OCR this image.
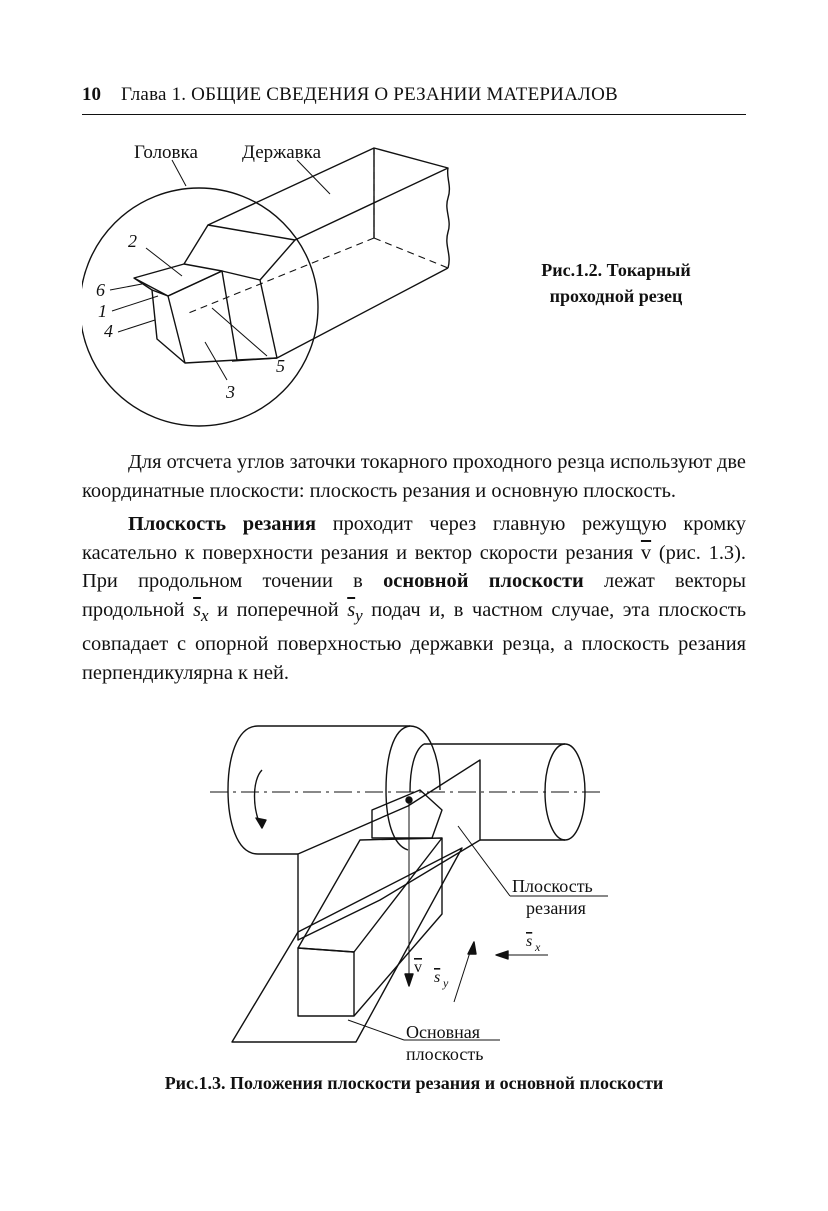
10 Глава 1. ОБЩИЕ СВЕДЕНИЯ О РЕЗАНИИ МАТЕРИАЛОВ
Головка Державка
2
6
1
4
5
3
Рис.1.2. Токарный
проходной резец

Для отсчета углов заточки токарного проходного резца используют две координатные плоскости: плоскость резания и основную плоскость.

Плоскость резания проходит через главную режущую кромку касательно к поверхности резания и вектор скорости резания $\overline{v}$ (рис. 1.3). При продольном точении в основной плоскости лежат векторы продольной $\overline{s}_x$ и поперечной $\overline{s}_y$ подач и, в частном случае, эта плоскость совпадает с опорной поверхностью державки резца, а плоскость резания перпендикулярна к ней.

Плоскость
резания
Основная
плоскость
v
s y
s x
Рис.1.3. Положения плоскости резания и основной плоскости
